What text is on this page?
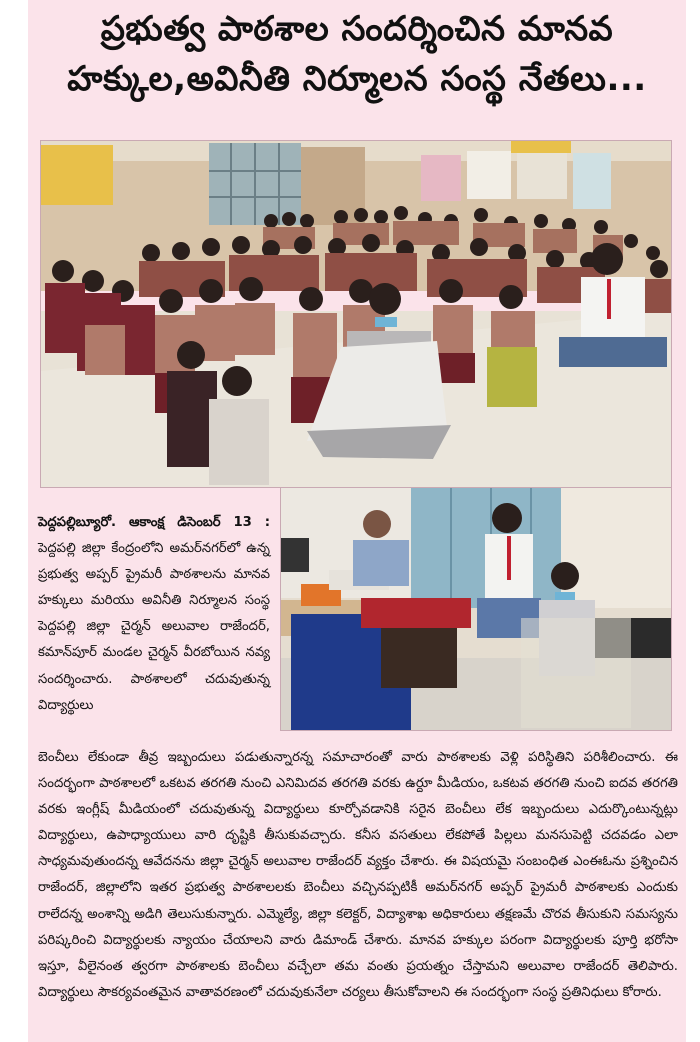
ప్రభుత్వ పాఠశాల సందర్శించిన మానవ
హక్కుల,అవినీతి నిర్మూలన సంస్థ నేతలు...
పెద్దపల్లిబ్యూరో. ఆకాంక్ష డిసెంబర్ 13 : పెద్దపల్లి జిల్లా కేంద్రంలోని అమర్‌నగర్‌లో ఉన్న ప్రభుత్వ అప్పర్ ప్రైమరీ పాఠశాలను మానవ హక్కులు మరియు అవినీతి నిర్మూలన సంస్థ పెద్దపల్లి జిల్లా చైర్మన్ అలువాల రాజేందర్, కమాన్‌పూర్ మండల చైర్మన్ వీరబోయిన నవ్య సందర్శించారు. పాఠశాలలో చదువుతున్న విద్యార్థులు
బెంచీలు లేకుండా తీవ్ర ఇబ్బందులు పడుతున్నారన్న సమాచారంతో వారు పాఠశాలకు వెళ్లి పరిస్థితిని పరిశీలించారు. ఈ సందర్భంగా పాఠశాలలో ఒకటవ తరగతి నుంచి ఎనిమిదవ తరగతి వరకు ఉర్దూ మీడియం, ఒకటవ తరగతి నుంచి ఐదవ తరగతి వరకు ఇంగ్లీష్ మీడియంలో చదువుతున్న విద్యార్థులు కూర్చోవడానికి సరైన బెంచీలు లేక ఇబ్బందులు ఎదుర్కొంటున్నట్లు విద్యార్థులు, ఉపాధ్యాయులు వారి దృష్టికి తీసుకువచ్చారు. కనీస వసతులు లేకపోతే పిల్లలు మనసుపెట్టి చదవడం ఎలా సాధ్యమవుతుందన్న ఆవేదనను జిల్లా చైర్మన్ అలువాల రాజేందర్ వ్యక్తం చేశారు. ఈ విషయమై సంబంధిత ఎంఈఓను ప్రశ్నించిన రాజేందర్, జిల్లాలోని ఇతర ప్రభుత్వ పాఠశాలలకు బెంచీలు వచ్చినప్పటికీ అమర్‌నగర్ అప్పర్ ప్రైమరీ పాఠశాలకు ఎందుకు రాలేదన్న అంశాన్ని అడిగి తెలుసుకున్నారు. ఎమ్మెల్యే, జిల్లా కలెక్టర్, విద్యాశాఖ అధికారులు తక్షణమే చొరవ తీసుకుని సమస్యను పరిష్కరించి విద్యార్థులకు న్యాయం చేయాలని వారు డిమాండ్ చేశారు. మానవ హక్కుల పరంగా విద్యార్థులకు పూర్తి భరోసా ఇస్తూ, వీలైనంత త్వరగా పాఠశాలకు బెంచీలు వచ్చేలా తమ వంతు ప్రయత్నం చేస్తామని అలువాల రాజేందర్ తెలిపారు. విద్యార్థులు సౌకర్యవంతమైన వాతావరణంలో చదువుకునేలా చర్యలు తీసుకోవాలని ఈ సందర్భంగా సంస్థ ప్రతినిధులు కోరారు.
